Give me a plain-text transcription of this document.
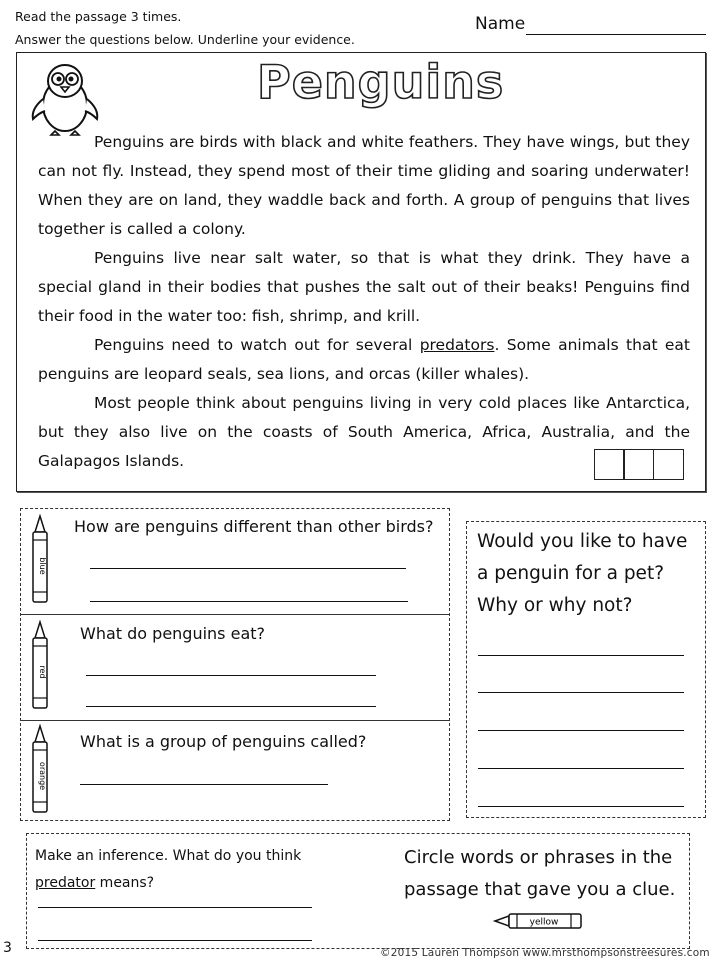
Read the passage 3 times.
Answer the questions below. Underline your evidence.
Name
Penguins

Penguins are birds with black and white feathers. They have wings, but they can not fly. Instead, they spend most of their time gliding and soaring underwater! When they are on land, they waddle back and forth. A group of penguins that lives together is called a colony.

Penguins live near salt water, so that is what they drink. They have a special gland in their bodies that pushes the salt out of their beaks! Penguins find their food in the water too: fish, shrimp, and krill.

Penguins need to watch out for several predators. Some animals that eat penguins are leopard seals, sea lions, and orcas (killer whales).

Most people think about penguins living in very cold places like Antarctica, but they also live on the coasts of South America, Africa, Australia, and the Galapagos Islands.

blue
red
orange
How are penguins different than other birds?
What do penguins eat?
What is a group of penguins called?
Would you like to have a penguin for a pet? Why or why not?
Make an inference. What do you think
predator means?
Circle words or phrases in the passage that gave you a clue.
yellow
3	©2015 Lauren Thompson www.mrsthompsonstreesures.com
